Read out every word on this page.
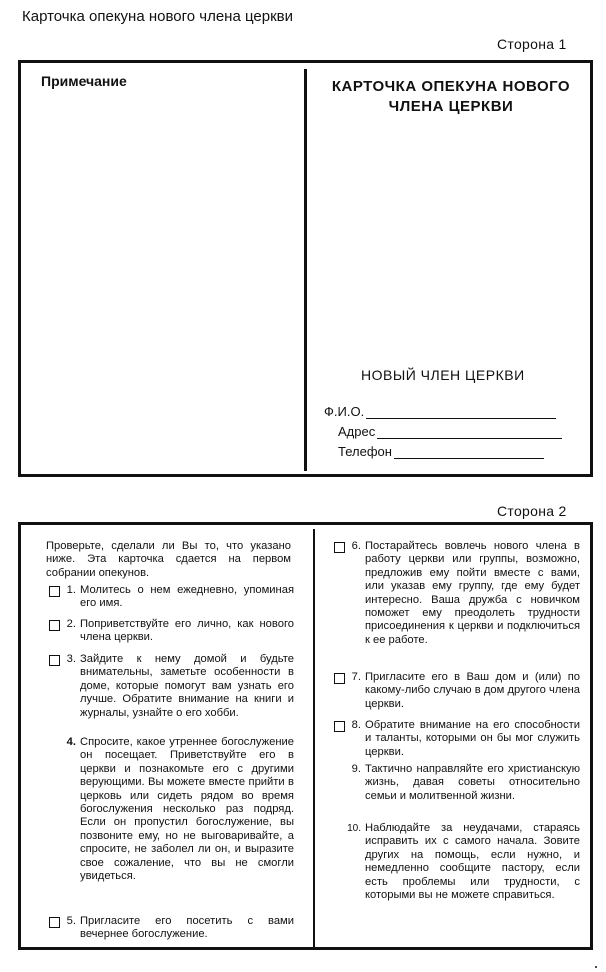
Карточка опекуна нового члена церкви
Сторона 1
Примечание	КАРТОЧКА ОПЕКУНА НОВОГО
ЧЛЕНА ЦЕРКВИ
НОВЫЙ ЧЛЕН ЦЕРКВИ
Ф.И.О.
Адрес
Телефон
Сторона 2
Проверьте, сделали ли Вы то, что указано ниже. Эта карточка сдается на первом собрании опекунов.
1. Молитесь о нем ежедневно, упоминая его имя.
2. Поприветствуйте его лично, как нового члена церкви.
3. Зайдите к нему домой и будьте внимательны, заметьте особенности в доме, которые помогут вам узнать его лучше. Обратите внимание на книги и журналы, узнайте о его хобби.
4. Спросите, какое утреннее богослужение он посещает. Приветствуйте его в церкви и познакомьте его с другими верующими. Вы можете вместе прийти в церковь или сидеть рядом во время богослужения несколько раз подряд. Если он пропустил богослужение, вы позвоните ему, но не выговаривайте, а спросите, не заболел ли он, и выразите свое сожаление, что вы не смогли увидеться.
5. Пригласите его посетить с вами вечернее богослужение.
6. Постарайтесь вовлечь нового члена в работу церкви или группы, возможно, предложив ему пойти вместе с вами, или указав ему группу, где ему будет интересно. Ваша дружба с новичком поможет ему преодолеть трудности присоединения к церкви и подключиться к ее работе.
7. Пригласите его в Ваш дом и (или) по какому-либо случаю в дом другого члена церкви.
8. Обратите внимание на его способности и таланты, которыми он бы мог служить церкви.
9. Тактично направляйте его христианскую жизнь, давая советы относительно семьи и молитвенной жизни.
10. Наблюдайте за неудачами, стараясь исправить их с самого начала. Зовите других на помощь, если нужно, и немедленно сообщите пастору, если есть проблемы или трудности, с которыми вы не можете справиться.
